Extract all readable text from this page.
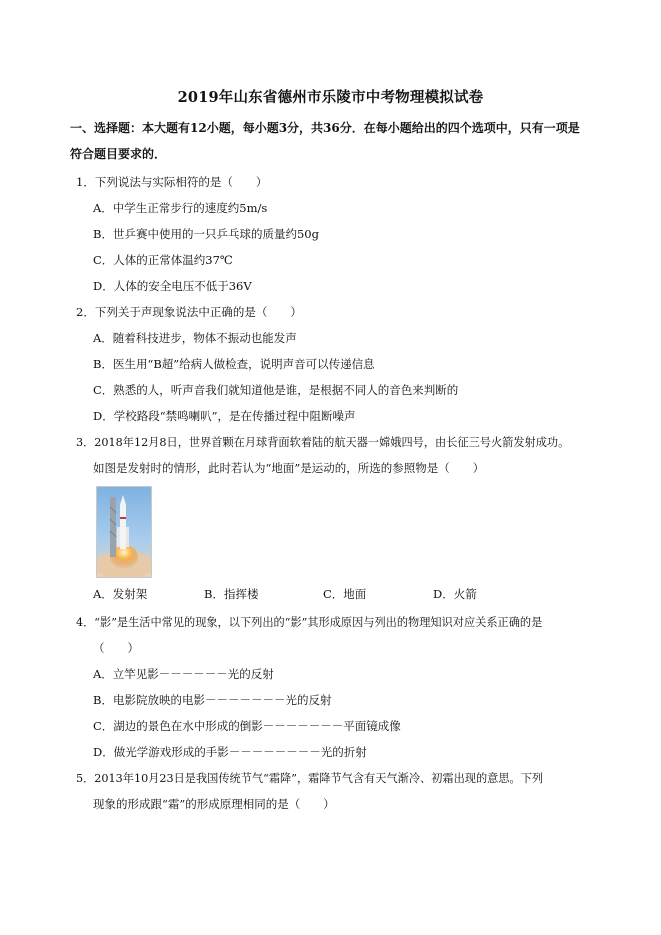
2019年山东省德州市乐陵市中考物理模拟试卷
一、选择题：本大题有12小题，每小题3分，共36分．在每小题给出的四个选项中，只有一项是
符合题目要求的．
1．下列说法与实际相符的是（　　）
A．中学生正常步行的速度约5m/s
B．世乒赛中使用的一只乒乓球的质量约50g
C．人体的正常体温约37℃
D．人体的安全电压不低于36V
2．下列关于声现象说法中正确的是（　　）
A．随着科技进步，物体不振动也能发声
B．医生用“B超”给病人做检查，说明声音可以传递信息
C．熟悉的人，听声音我们就知道他是谁，是根据不同人的音色来判断的
D．学校路段“禁鸣喇叭”，是在传播过程中阻断噪声
3．2018年12月8日，世界首颗在月球背面软着陆的航天器一嫦娥四号，由长征三号火箭发射成功。
如图是发射时的情形，此时若认为“地面”是运动的，所选的参照物是（　　）
A．发射架	B．指挥楼	C．地面	D．火箭
4．“影”是生活中常见的现象，以下列出的“影”其形成原因与列出的物理知识对应关系正确的是
（　　）
A．立竿见影－－－－－－光的反射
B．电影院放映的电影－－－－－－－光的反射
C．湖边的景色在水中形成的倒影－－－－－－－平面镜成像
D．做光学游戏形成的手影－－－－－－－－光的折射
5．2013年10月23日是我国传统节气“霜降”，霜降节气含有天气渐冷、初霜出现的意思。下列
现象的形成跟“霜”的形成原理相同的是（　　）
